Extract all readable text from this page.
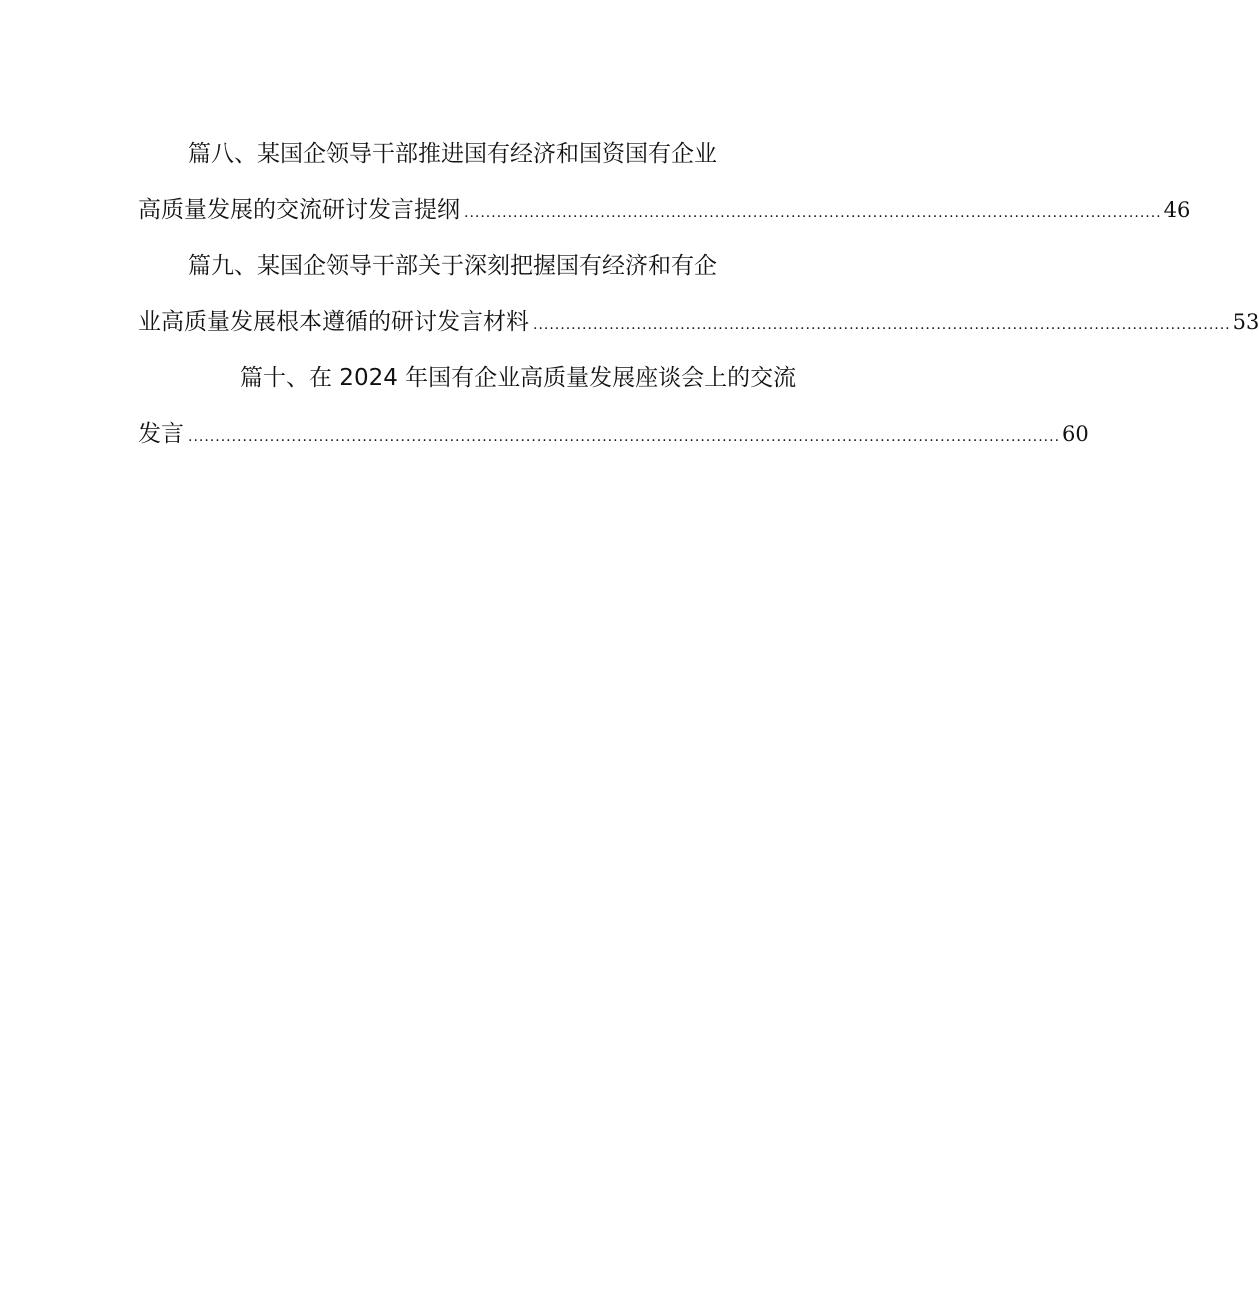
篇八、某国企领导干部推进国有经济和国资国有企业
高质量发展的交流研讨发言提纲 ................................................................................................................................ 46
篇九、某国企领导干部关于深刻把握国有经济和有企
业高质量发展根本遵循的研讨发言材料 ................................................................................................................................ 53
篇十、在 2024 年国有企业高质量发展座谈会上的交流
发言 ................................................................................................................................................................ 60
